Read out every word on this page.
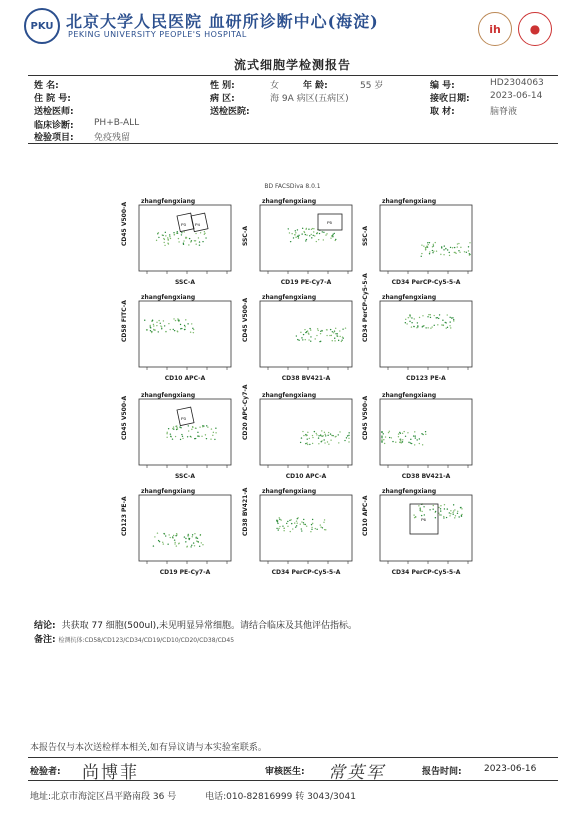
PKU 北京大学人民医院 血研所诊断中心(海淀)
PEKING UNIVERSITY PEOPLE'S HOSPITAL	ih	●
流式细胞学检测报告
姓 名:	性 别:	女	年 龄:	55 岁	编 号:	HD2304063
住 院 号:	病 区:	海 9A 病区(五病区)	接收日期: 2023-06-14
送检医师:	送检医院:	取 材:	脑脊液
临床诊断: PH+B-ALL
检验项目: 免疫残留
BD FACSDiva 8.0.1
zhangfengxiang
P3 P4
CD45 V500-A
SSC-A
zhangfengxiang
P5
SSC-A
CD19 PE-Cy7-A
zhangfengxiang
SSC-A
CD34 PerCP-Cy5-5-A
zhangfengxiang
CD58 FITC-A
CD10 APC-A
zhangfengxiang
CD45 V500-A
CD38 BV421-A
zhangfengxiang
CD34 PerCP-Cy5-5-A
CD123 PE-A
zhangfengxiang
P3
CD45 V500-A
SSC-A
zhangfengxiang
CD20 APC-Cy7-A
CD10 APC-A
zhangfengxiang
CD45 V500-A
CD38 BV421-A
zhangfengxiang
CD123 PE-A
CD19 PE-Cy7-A
zhangfengxiang
CD38 BV421-A
CD34 PerCP-Cy5-5-A
zhangfengxiang
P6
CD10 APC-A
CD34 PerCP-Cy5-5-A
结论: 共获取 77 细胞(500ul),未见明显异常细胞。请结合临床及其他评估指标。
备注: 检测抗体:CD58/CD123/CD34/CD19/CD10/CD20/CD38/CD45
本报告仅与本次送检样本相关,如有异议请与本实验室联系。
检验者: 尚博菲	审核医生: 常英军	报告时间: 2023-06-16
地址:北京市海淀区昌平路南段 36 号	电话:010-82816999 转 3043/3041
